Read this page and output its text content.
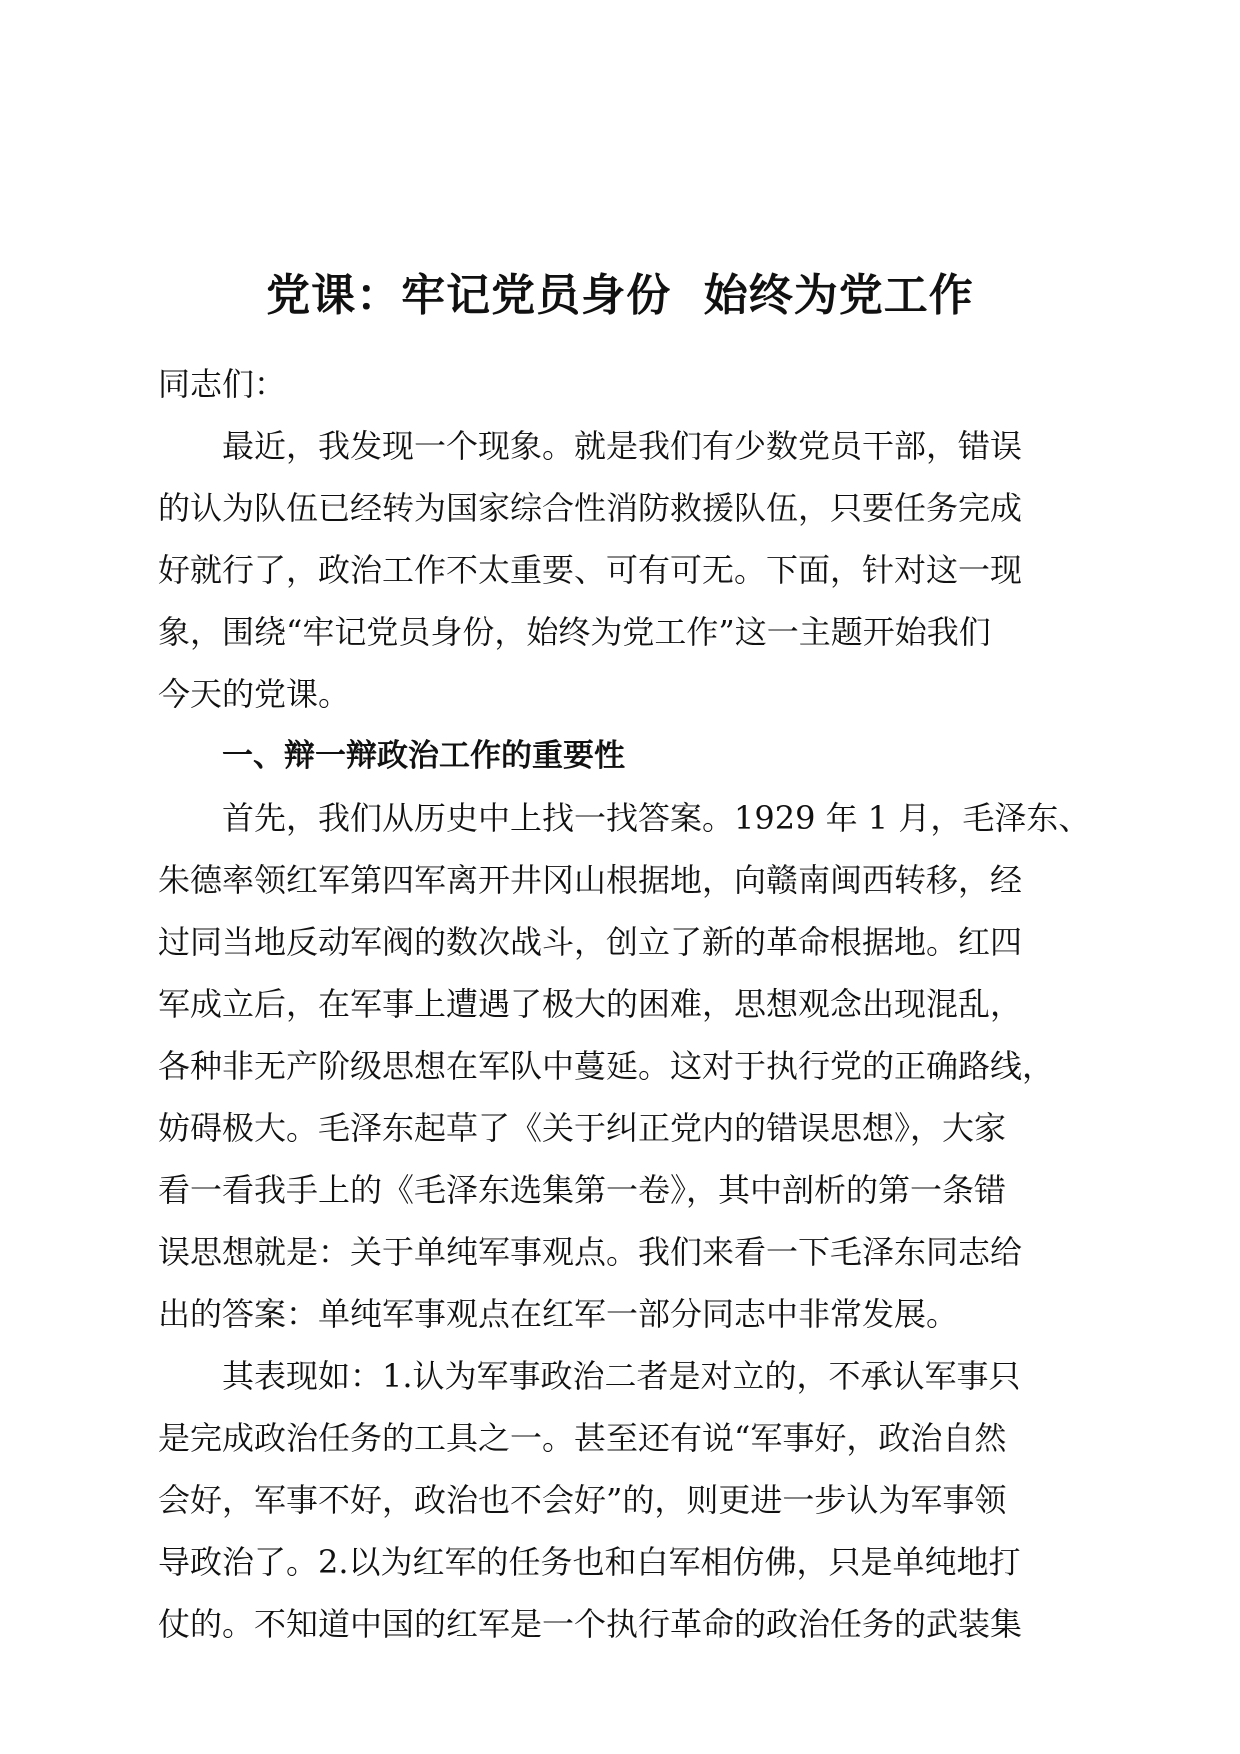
党课：牢记党员身份  始终为党工作
同志们：
最近，我发现一个现象。就是我们有少数党员干部，错误
的认为队伍已经转为国家综合性消防救援队伍，只要任务完成
好就行了，政治工作不太重要、可有可无。下面，针对这一现
象，围绕“牢记党员身份，始终为党工作”这一主题开始我们
今天的党课。
一、辩一辩政治工作的重要性
首先，我们从历史中上找一找答案。1929 年 1 月，毛泽东、
朱德率领红军第四军离开井冈山根据地，向赣南闽西转移，经
过同当地反动军阀的数次战斗，创立了新的革命根据地。红四
军成立后，在军事上遭遇了极大的困难，思想观念出现混乱，
各种非无产阶级思想在军队中蔓延。这对于执行党的正确路线，
妨碍极大。毛泽东起草了《关于纠正党内的错误思想》，大家
看一看我手上的《毛泽东选集第一卷》，其中剖析的第一条错
误思想就是：关于单纯军事观点。我们来看一下毛泽东同志给
出的答案：单纯军事观点在红军一部分同志中非常发展。
其表现如：1.认为军事政治二者是对立的，不承认军事只
是完成政治任务的工具之一。甚至还有说“军事好，政治自然
会好，军事不好，政治也不会好”的，则更进一步认为军事领
导政治了。2.以为红军的任务也和白军相仿佛，只是单纯地打
仗的。不知道中国的红军是一个执行革命的政治任务的武装集
